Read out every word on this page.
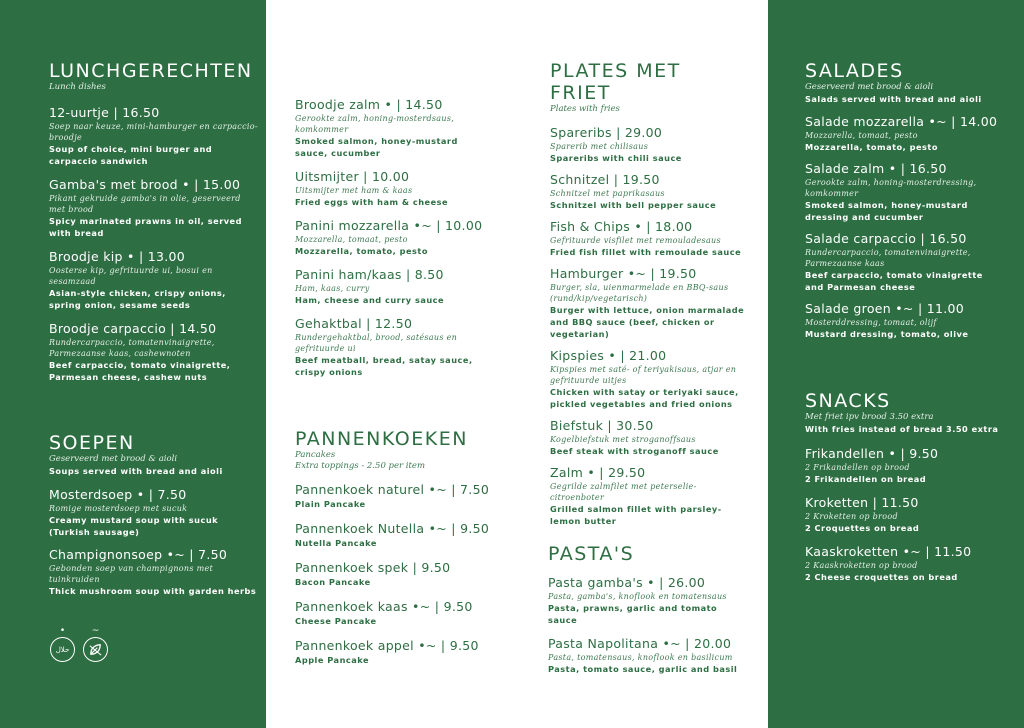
LUNCHGERECHTEN
Lunch dishes
12-uurtje | 16.50
Soep naar keuze, mini-hamburger en carpaccio-broodje
Soup of choice, mini burger and carpaccio sandwich
Gamba's met brood • | 15.00
Pikant gekruide gamba's in olie, geserveerd met brood
Spicy marinated prawns in oil, served with bread
Broodje kip • | 13.00
Oosterse kip, gefrituurde ui, bosui en sesamzaad
Asian-style chicken, crispy onions, spring onion, sesame seeds
Broodje carpaccio | 14.50
Rundercarpaccio, tomatenvinaigrette, Parmezaanse kaas, cashewnoten
Beef carpaccio, tomato vinaigrette, Parmesan cheese, cashew nuts
Broodje zalm • | 14.50
Gerookte zalm, honing-mosterdsaus, komkommer
Smoked salmon, honey-mustard sauce, cucumber
Uitsmijter | 10.00
Uitsmijter met ham & kaas
Fried eggs with ham & cheese
Panini mozzarella •~ | 10.00
Mozzarella, tomaat, pesto
Mozzarella, tomato, pesto
Panini ham/kaas | 8.50
Ham, kaas, curry
Ham, cheese and curry sauce
Gehaktbal | 12.50
Rundergehaktbal, brood, satésaus en gefrituurde ui
Beef meatball, bread, satay sauce, crispy onions
SOEPEN
Geserveerd met brood & aioli
Soups served with bread and aioli
Mosterdsoep • | 7.50
Romige mosterdsoep met sucuk
Creamy mustard soup with sucuk (Turkish sausage)
Champignonsoep •~ | 7.50
Gebonden soep van champignons met tuinkruiden
Thick mushroom soup with garden herbs
•
حلال
~
PANNENKOEKEN
Pancakes
Extra toppings - 2.50 per item
Pannenkoek naturel •~ | 7.50
Plain Pancake
Pannenkoek Nutella •~ | 9.50
Nutella Pancake
Pannenkoek spek | 9.50
Bacon Pancake
Pannenkoek kaas •~ | 9.50
Cheese Pancake
Pannenkoek appel •~ | 9.50
Apple Pancake
PLATES MET FRIET
Plates with fries
Spareribs | 29.00
Sparerib met chilisaus
Spareribs with chili sauce
Schnitzel | 19.50
Schnitzel met paprikasaus
Schnitzel with bell pepper sauce
Fish & Chips • | 18.00
Gefrituurde visfilet met remouladesaus
Fried fish fillet with remoulade sauce
Hamburger •~ | 19.50
Burger, sla, uienmarmelade en BBQ-saus (rund/kip/vegetarisch)
Burger with lettuce, onion marmalade and BBQ sauce (beef, chicken or vegetarian)
Kipspies • | 21.00
Kipspies met saté- of teriyakisaus, atjar en gefrituurde uitjes
Chicken with satay or teriyaki sauce, pickled vegetables and fried onions
Biefstuk | 30.50
Kogelbiefstuk met stroganoffsaus
Beef steak with stroganoff sauce
Zalm • | 29.50
Gegrilde zalmfilet met peterselie-citroenboter
Grilled salmon fillet with parsley-lemon butter
PASTA'S
Pasta gamba's • | 26.00
Pasta, gamba's, knoflook en tomatensaus
Pasta, prawns, garlic and tomato sauce
Pasta Napolitana •~ | 20.00
Pasta, tomatensaus, knoflook en basilicum
Pasta, tomato sauce, garlic and basil
SALADES
Geserveerd met brood & aioli
Salads served with bread and aioli
Salade mozzarella •~ | 14.00
Mozzarella, tomaat, pesto
Mozzarella, tomato, pesto
Salade zalm • | 16.50
Gerookte zalm, honing-mosterdressing, komkommer
Smoked salmon, honey-mustard dressing and cucumber
Salade carpaccio | 16.50
Rundercarpaccio, tomatenvinaigrette, Parmezaanse kaas
Beef carpaccio, tomato vinaigrette and Parmesan cheese
Salade groen •~ | 11.00
Mosterddressing, tomaat, olijf
Mustard dressing, tomato, olive
SNACKS
Met friet ipv brood 3.50 extra
With fries instead of bread 3.50 extra
Frikandellen • | 9.50
2 Frikandellen op brood
2 Frikandellen on bread
Kroketten | 11.50
2 Kroketten op brood
2 Croquettes on bread
Kaaskroketten •~ | 11.50
2 Kaaskroketten op brood
2 Cheese croquettes on bread
